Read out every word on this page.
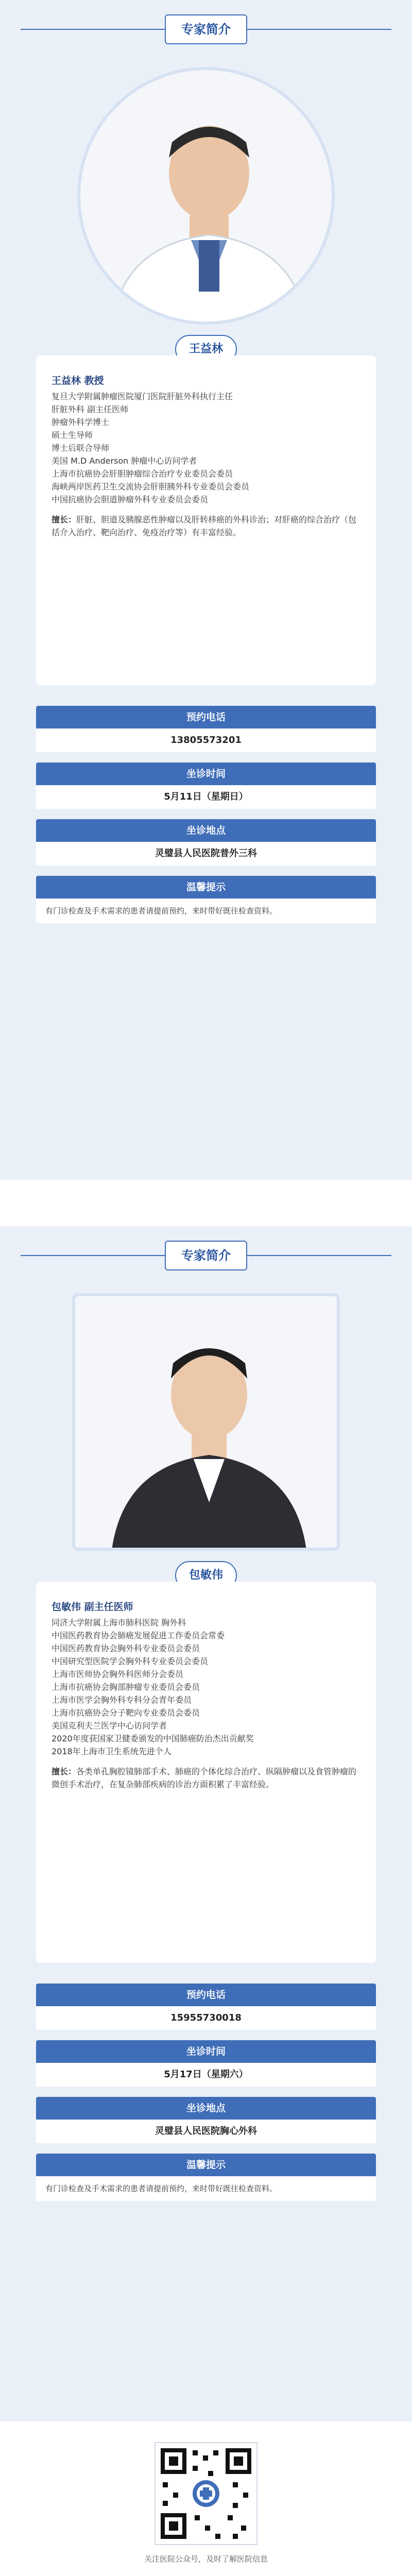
专家简介
王益林
王益林 教授
复旦大学附属肿瘤医院厦门医院肝脏外科执行主任
肝脏外科 副主任医师
肿瘤外科学博士
硕士生导师
博士后联合导师
美国 M.D Anderson 肿瘤中心访问学者
上海市抗癌协会肝胆肿瘤综合治疗专业委员会委员
海峡两岸医药卫生交流协会肝胆胰外科专业委员会委员
中国抗癌协会胆道肿瘤外科专业委员会委员
擅长：肝脏、胆道及胰腺恶性肿瘤以及肝转移癌的外科诊治；对肝癌的综合治疗（包括介入治疗、靶向治疗、免疫治疗等）有丰富经验。
预约电话
13805573201
坐诊时间
5月11日（星期日）
坐诊地点
灵璧县人民医院普外三科
温馨提示
有门诊检查及手术需求的患者请提前预约，来时带好既往检查资料。
专家简介
包敏伟
包敏伟 副主任医师
同济大学附属上海市肺科医院 胸外科
中国医药教育协会肺癌发展促进工作委员会常委
中国医药教育协会胸外科专业委员会委员
中国研究型医院学会胸外科专业委员会委员
上海市医师协会胸外科医师分会委员
上海市抗癌协会胸部肿瘤专业委员会委员
上海市医学会胸外科专科分会青年委员
上海市抗癌协会分子靶向专业委员会委员
美国克利夫兰医学中心访问学者
2020年度获国家卫健委颁发的中国肺癌防治杰出贡献奖
2018年上海市卫生系统先进个人
擅长：各类单孔胸腔镜肺部手术、肺癌的个体化综合治疗、纵隔肿瘤以及食管肿瘤的微创手术治疗，在复杂肺部疾病的诊治方面积累了丰富经验。
预约电话
15955730018
坐诊时间
5月17日（星期六）
坐诊地点
灵璧县人民医院胸心外科
温馨提示
有门诊检查及手术需求的患者请提前预约，来时带好既往检查资料。
关注医院公众号，及时了解医院信息
